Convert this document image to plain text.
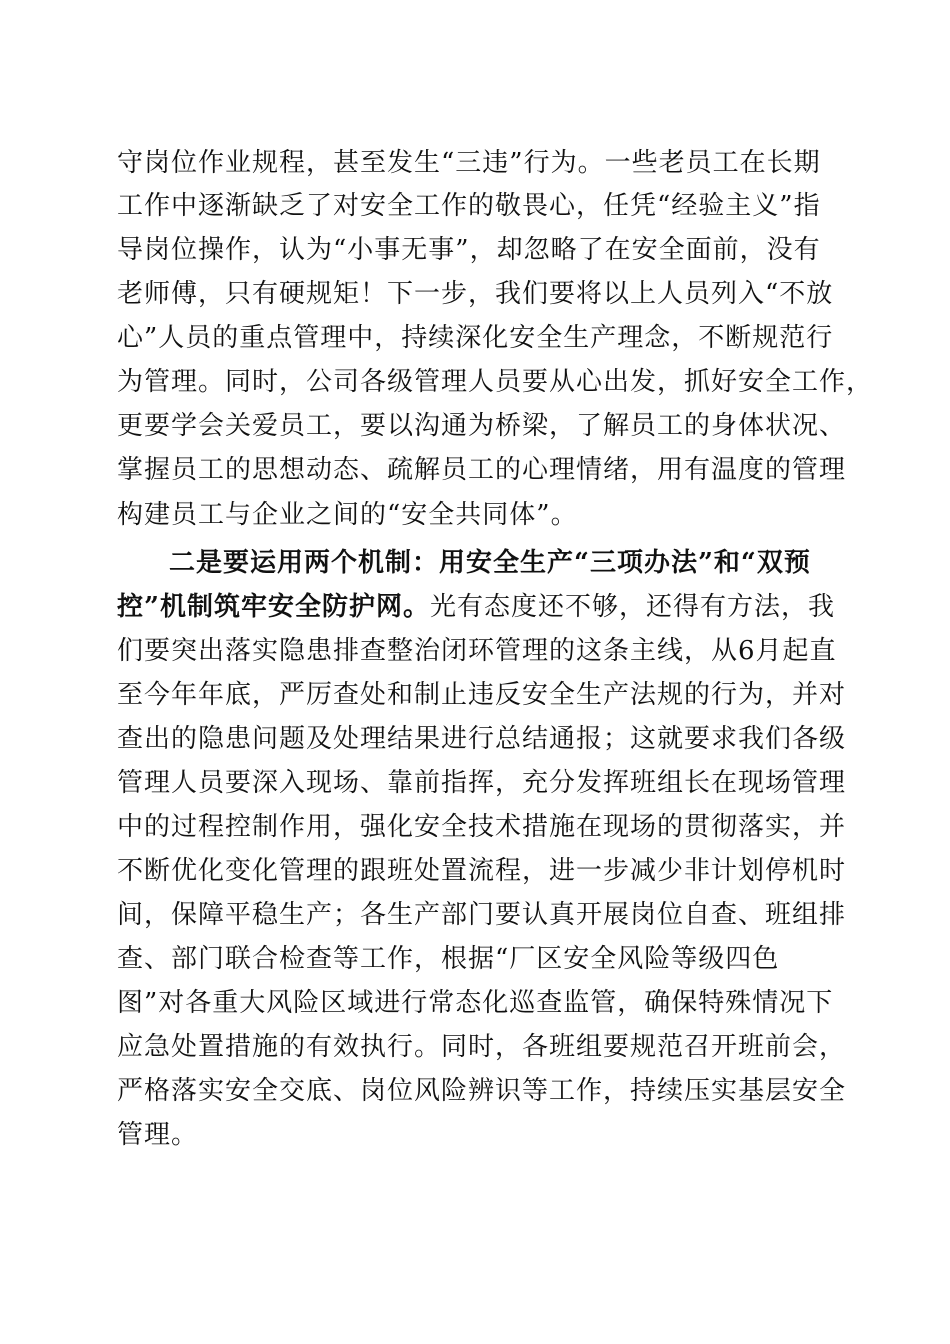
守岗位作业规程，甚至发生“三违”行为。一些老员工在长期
工作中逐渐缺乏了对安全工作的敬畏心，任凭“经验主义”指
导岗位操作，认为“小事无事”，却忽略了在安全面前，没有
老师傅，只有硬规矩！下一步，我们要将以上人员列入“不放
心”人员的重点管理中，持续深化安全生产理念，不断规范行
为管理。同时，公司各级管理人员要从心出发，抓好安全工作，
更要学会关爱员工，要以沟通为桥梁，了解员工的身体状况、
掌握员工的思想动态、疏解员工的心理情绪，用有温度的管理
构建员工与企业之间的“安全共同体”。
二是要运用两个机制：用安全生产“三项办法”和“双预
控”机制筑牢安全防护网。光有态度还不够，还得有方法，我
们要突出落实隐患排查整治闭环管理的这条主线，从6月起直
至今年年底，严厉查处和制止违反安全生产法规的行为，并对
查出的隐患问题及处理结果进行总结通报；这就要求我们各级
管理人员要深入现场、靠前指挥，充分发挥班组长在现场管理
中的过程控制作用，强化安全技术措施在现场的贯彻落实，并
不断优化变化管理的跟班处置流程，进一步减少非计划停机时
间，保障平稳生产；各生产部门要认真开展岗位自查、班组排
查、部门联合检查等工作，根据“厂区安全风险等级四色
图”对各重大风险区域进行常态化巡查监管，确保特殊情况下
应急处置措施的有效执行。同时，各班组要规范召开班前会，
严格落实安全交底、岗位风险辨识等工作，持续压实基层安全
管理。
